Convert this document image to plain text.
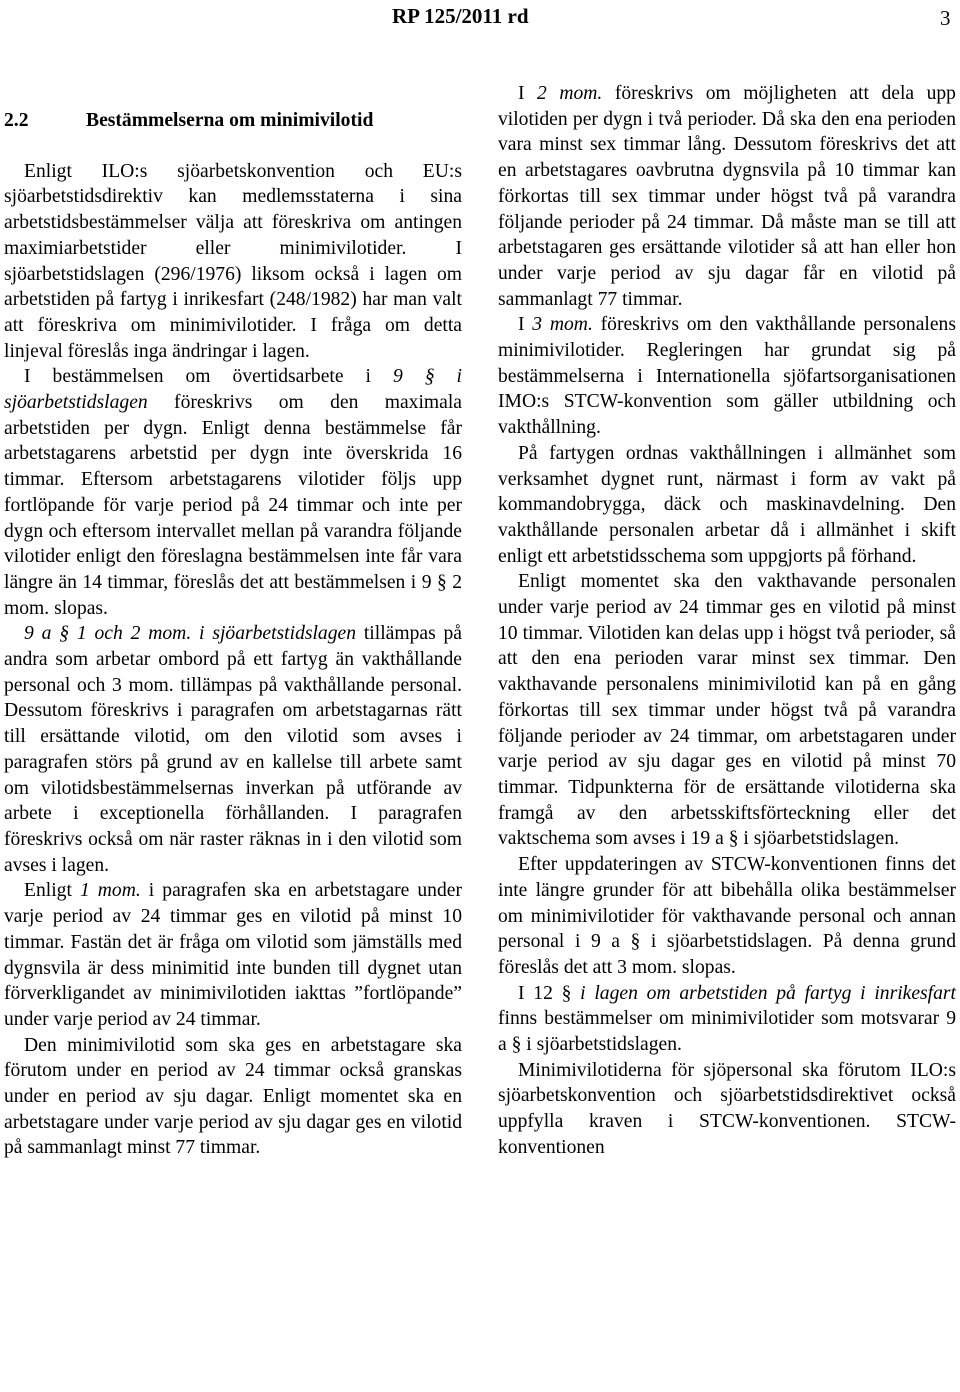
RP 125/2011 rd	3

2.2	Bestämmelserna om minimivilotid

Enligt ILO:s sjöarbetskonvention och EU:s sjöarbetstidsdirektiv kan medlemsstaterna i sina arbetstidsbestämmelser välja att föreskriva om antingen maximiarbetstider eller minimivilotider. I sjöarbetstidslagen (296/1976) liksom också i lagen om arbetstiden på fartyg i inrikesfart (248/1982) har man valt att föreskriva om minimivilotider. I fråga om detta linjeval föreslås inga ändringar i lagen.

I bestämmelsen om övertidsarbete i 9 § i sjöarbetstidslagen föreskrivs om den maximala arbetstiden per dygn. Enligt denna bestämmelse får arbetstagarens arbetstid per dygn inte överskrida 16 timmar. Eftersom arbetstagarens vilotider följs upp fortlöpande för varje period på 24 timmar och inte per dygn och eftersom intervallet mellan på varandra följande vilotider enligt den föreslagna bestämmelsen inte får vara längre än 14 timmar, föreslås det att bestämmelsen i 9 § 2 mom. slopas.

9 a § 1 och 2 mom. i sjöarbetstidslagen tillämpas på andra som arbetar ombord på ett fartyg än vakthållande personal och 3 mom. tillämpas på vakthållande personal. Dessutom föreskrivs i paragrafen om arbetstagarnas rätt till ersättande vilotid, om den vilotid som avses i paragrafen störs på grund av en kallelse till arbete samt om vilotidsbestämmelsernas inverkan på utförande av arbete i exceptionella förhållanden. I paragrafen föreskrivs också om när raster räknas in i den vilotid som avses i lagen.

Enligt 1 mom. i paragrafen ska en arbetstagare under varje period av 24 timmar ges en vilotid på minst 10 timmar. Fastän det är fråga om vilotid som jämställs med dygnsvila är dess minimitid inte bunden till dygnet utan förverkligandet av minimivilotiden iakttas ”fortlöpande” under varje period av 24 timmar.

Den minimivilotid som ska ges en arbetstagare ska förutom under en period av 24 timmar också granskas under en period av sju dagar. Enligt momentet ska en arbetstagare under varje period av sju dagar ges en vilotid på sammanlagt minst 77 timmar.

I 2 mom. föreskrivs om möjligheten att dela upp vilotiden per dygn i två perioder. Då ska den ena perioden vara minst sex timmar lång. Dessutom föreskrivs det att en arbetstagares oavbrutna dygnsvila på 10 timmar kan förkortas till sex timmar under högst två på varandra följande perioder på 24 timmar. Då måste man se till att arbetstagaren ges ersättande vilotider så att han eller hon under varje period av sju dagar får en vilotid på sammanlagt 77 timmar.

I 3 mom. föreskrivs om den vakthållande personalens minimivilotider. Regleringen har grundat sig på bestämmelserna i Internationella sjöfartsorganisationen IMO:s STCW-konvention som gäller utbildning och vakthållning.

På fartygen ordnas vakthållningen i allmänhet som verksamhet dygnet runt, närmast i form av vakt på kommandobrygga, däck och maskinavdelning. Den vakthållande personalen arbetar då i allmänhet i skift enligt ett arbetstidsschema som uppgjorts på förhand.

Enligt momentet ska den vakthavande personalen under varje period av 24 timmar ges en vilotid på minst 10 timmar. Vilotiden kan delas upp i högst två perioder, så att den ena perioden varar minst sex timmar. Den vakthavande personalens minimivilotid kan på en gång förkortas till sex timmar under högst två på varandra följande perioder av 24 timmar, om arbetstagaren under varje period av sju dagar ges en vilotid på minst 70 timmar. Tidpunkterna för de ersättande vilotiderna ska framgå av den arbetsskiftsförteckning eller det vaktschema som avses i 19 a § i sjöarbetstidslagen.

Efter uppdateringen av STCW-konventionen finns det inte längre grunder för att bibehålla olika bestämmelser om minimivilotider för vakthavande personal och annan personal i 9 a § i sjöarbetstidslagen. På denna grund föreslås det att 3 mom. slopas.

I 12 § i lagen om arbetstiden på fartyg i inrikesfart finns bestämmelser om minimivilotider som motsvarar 9 a § i sjöarbetstidslagen.

Minimivilotiderna för sjöpersonal ska förutom ILO:s sjöarbetskonvention och sjöarbetstidsdirektivet också uppfylla kraven i STCW-konventionen. STCW-konventionen
